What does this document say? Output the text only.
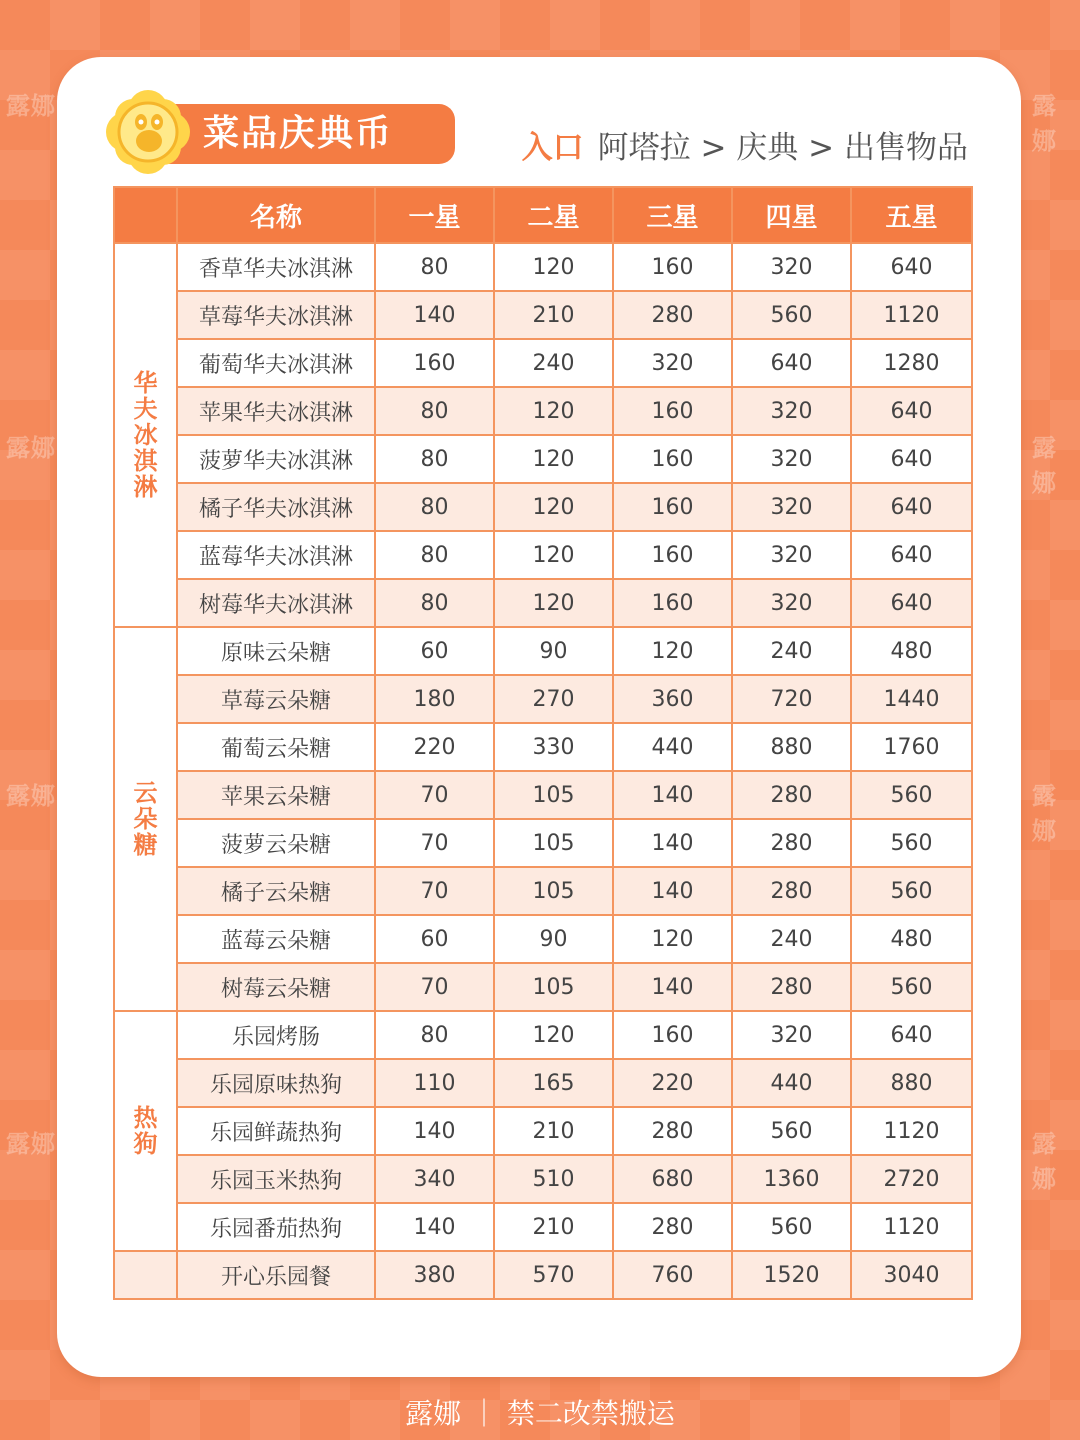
露娜	露娜
露娜	露娜
露娜	露娜
露娜	露娜
菜品庆典币	入口 阿塔拉 > 庆典 > 出售物品
	名称	一星	二星	三星	四星	五星
华夫冰淇淋	香草华夫冰淇淋	80	120	160	320	640
	草莓华夫冰淇淋	140	210	280	560	1120
	葡萄华夫冰淇淋	160	240	320	640	1280
	苹果华夫冰淇淋	80	120	160	320	640
	菠萝华夫冰淇淋	80	120	160	320	640
	橘子华夫冰淇淋	80	120	160	320	640
	蓝莓华夫冰淇淋	80	120	160	320	640
	树莓华夫冰淇淋	80	120	160	320	640
云朵糖	原味云朵糖	60	90	120	240	480
	草莓云朵糖	180	270	360	720	1440
	葡萄云朵糖	220	330	440	880	1760
	苹果云朵糖	70	105	140	280	560
	菠萝云朵糖	70	105	140	280	560
	橘子云朵糖	70	105	140	280	560
	蓝莓云朵糖	60	90	120	240	480
	树莓云朵糖	70	105	140	280	560
热狗	乐园烤肠	80	120	160	320	640
	乐园原味热狗	110	165	220	440	880
	乐园鲜蔬热狗	140	210	280	560	1120
	乐园玉米热狗	340	510	680	1360	2720
	乐园番茄热狗	140	210	280	560	1120
	开心乐园餐	380	570	760	1520	3040
露娜 ｜ 禁二改禁搬运
